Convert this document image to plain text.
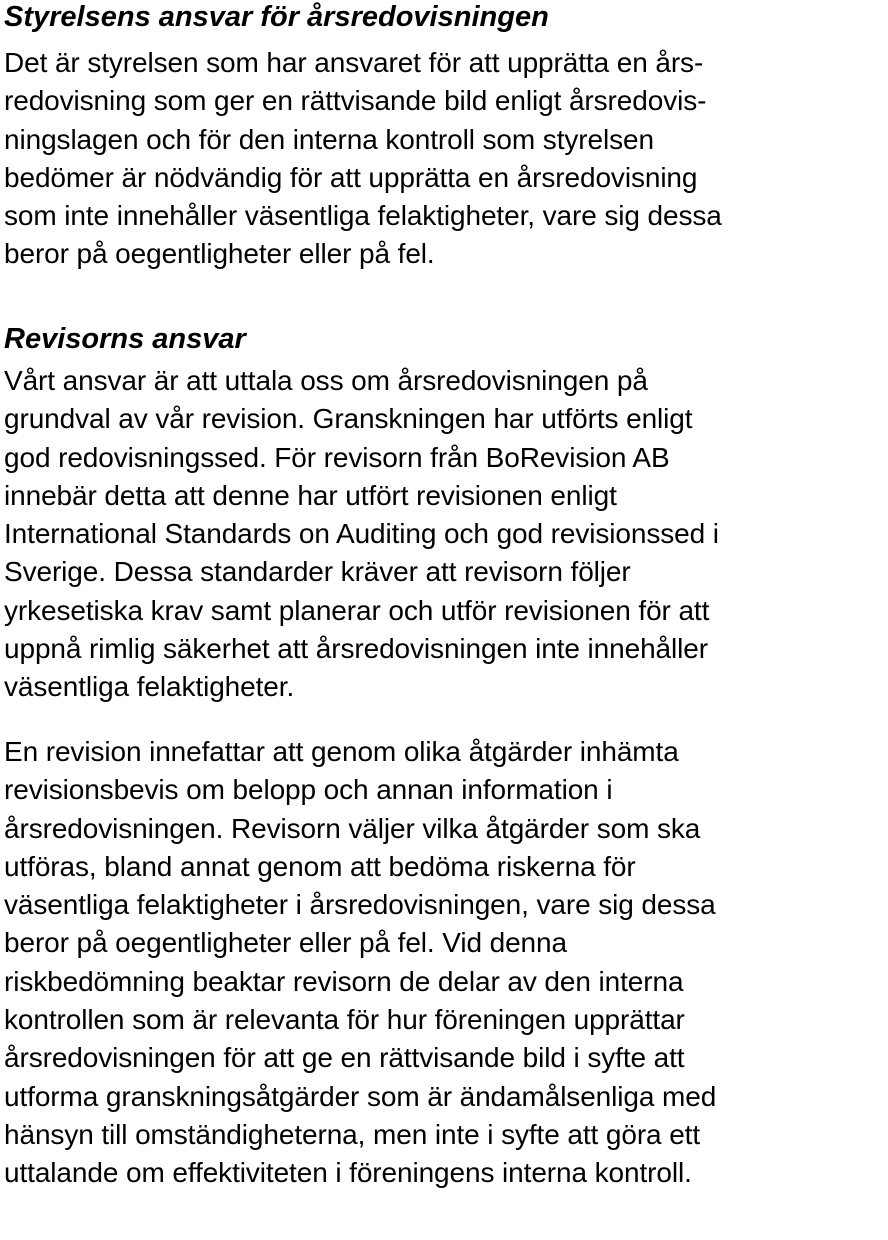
Styrelsens ansvar för årsredovisningen
Det är styrelsen som har ansvaret för att upprätta en års-
redovisning som ger en rättvisande bild enligt årsredovis-
ningslagen och för den interna kontroll som styrelsen
bedömer är nödvändig för att upprätta en årsredovisning
som inte innehåller väsentliga felaktigheter, vare sig dessa
beror på oegentligheter eller på fel.
Revisorns ansvar
Vårt ansvar är att uttala oss om årsredovisningen på
grundval av vår revision. Granskningen har utförts enligt
god redovisningssed. För revisorn från BoRevision AB
innebär detta att denne har utfört revisionen enligt
International Standards on Auditing och god revisionssed i
Sverige. Dessa standarder kräver att revisorn följer
yrkesetiska krav samt planerar och utför revisionen för att
uppnå rimlig säkerhet att årsredovisningen inte innehåller
väsentliga felaktigheter.
En revision innefattar att genom olika åtgärder inhämta
revisionsbevis om belopp och annan information i
årsredovisningen. Revisorn väljer vilka åtgärder som ska
utföras, bland annat genom att bedöma riskerna för
väsentliga felaktigheter i årsredovisningen, vare sig dessa
beror på oegentligheter eller på fel. Vid denna
riskbedömning beaktar revisorn de delar av den interna
kontrollen som är relevanta för hur föreningen upprättar
årsredovisningen för att ge en rättvisande bild i syfte att
utforma granskningsåtgärder som är ändamålsenliga med
hänsyn till omständigheterna, men inte i syfte att göra ett
uttalande om effektiviteten i föreningens interna kontroll.
